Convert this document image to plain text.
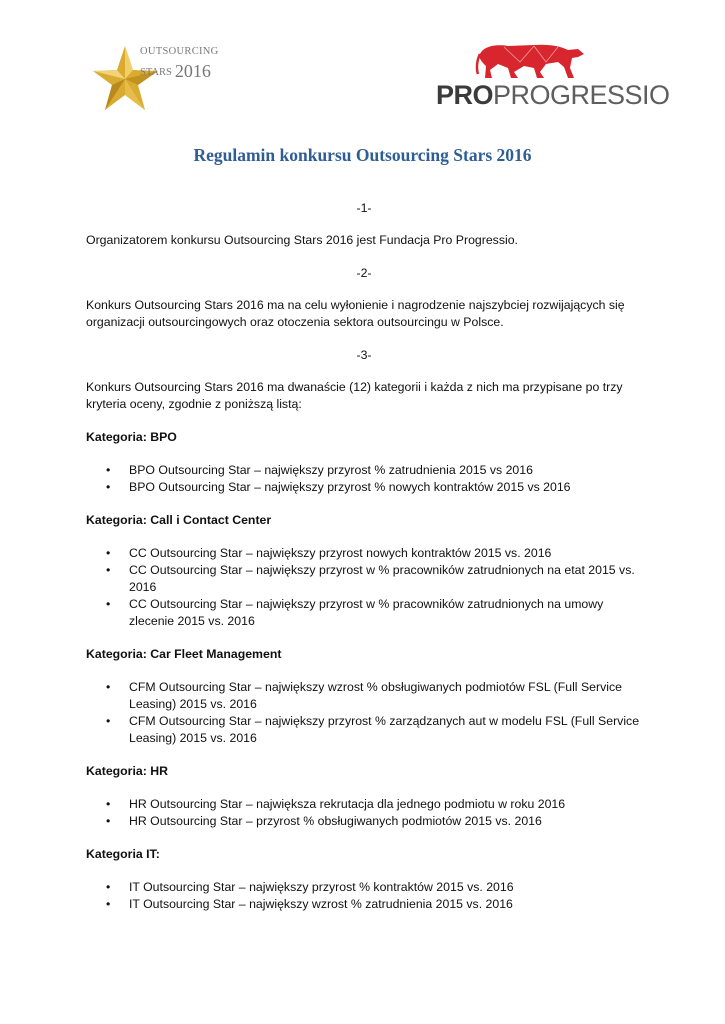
OUTSOURCING
STARS 2016
PROPROGRESSIO
Regulamin konkursu Outsourcing Stars 2016

-1-

Organizatorem konkursu Outsourcing Stars 2016 jest Fundacja Pro Progressio.

-2-

Konkurs Outsourcing Stars 2016 ma na celu wyłonienie i nagrodzenie najszybciej rozwijających się organizacji outsourcingowych oraz otoczenia sektora outsourcingu w Polsce.

-3-

Konkurs Outsourcing Stars 2016 ma dwanaście (12) kategorii i każda z nich ma przypisane po trzy kryteria oceny, zgodnie z poniższą listą:

Kategoria: BPO

• BPO Outsourcing Star – największy przyrost % zatrudnienia 2015 vs 2016
• BPO Outsourcing Star – największy przyrost % nowych kontraktów 2015 vs 2016

Kategoria: Call i Contact Center

• CC Outsourcing Star – największy przyrost nowych kontraktów 2015 vs. 2016
• CC Outsourcing Star – największy przyrost w % pracowników zatrudnionych na etat 2015 vs. 2016
• CC Outsourcing Star – największy przyrost w % pracowników zatrudnionych na umowy zlecenie 2015 vs. 2016

Kategoria: Car Fleet Management

• CFM Outsourcing Star – największy wzrost % obsługiwanych podmiotów FSL (Full Service Leasing) 2015 vs. 2016
• CFM Outsourcing Star – największy przyrost % zarządzanych aut w modelu FSL (Full Service Leasing) 2015 vs. 2016

Kategoria: HR

• HR Outsourcing Star – największa rekrutacja dla jednego podmiotu w roku 2016
• HR Outsourcing Star – przyrost % obsługiwanych podmiotów 2015 vs. 2016

Kategoria IT:

• IT Outsourcing Star – największy przyrost % kontraktów 2015 vs. 2016
• IT Outsourcing Star – największy wzrost % zatrudnienia 2015 vs. 2016
